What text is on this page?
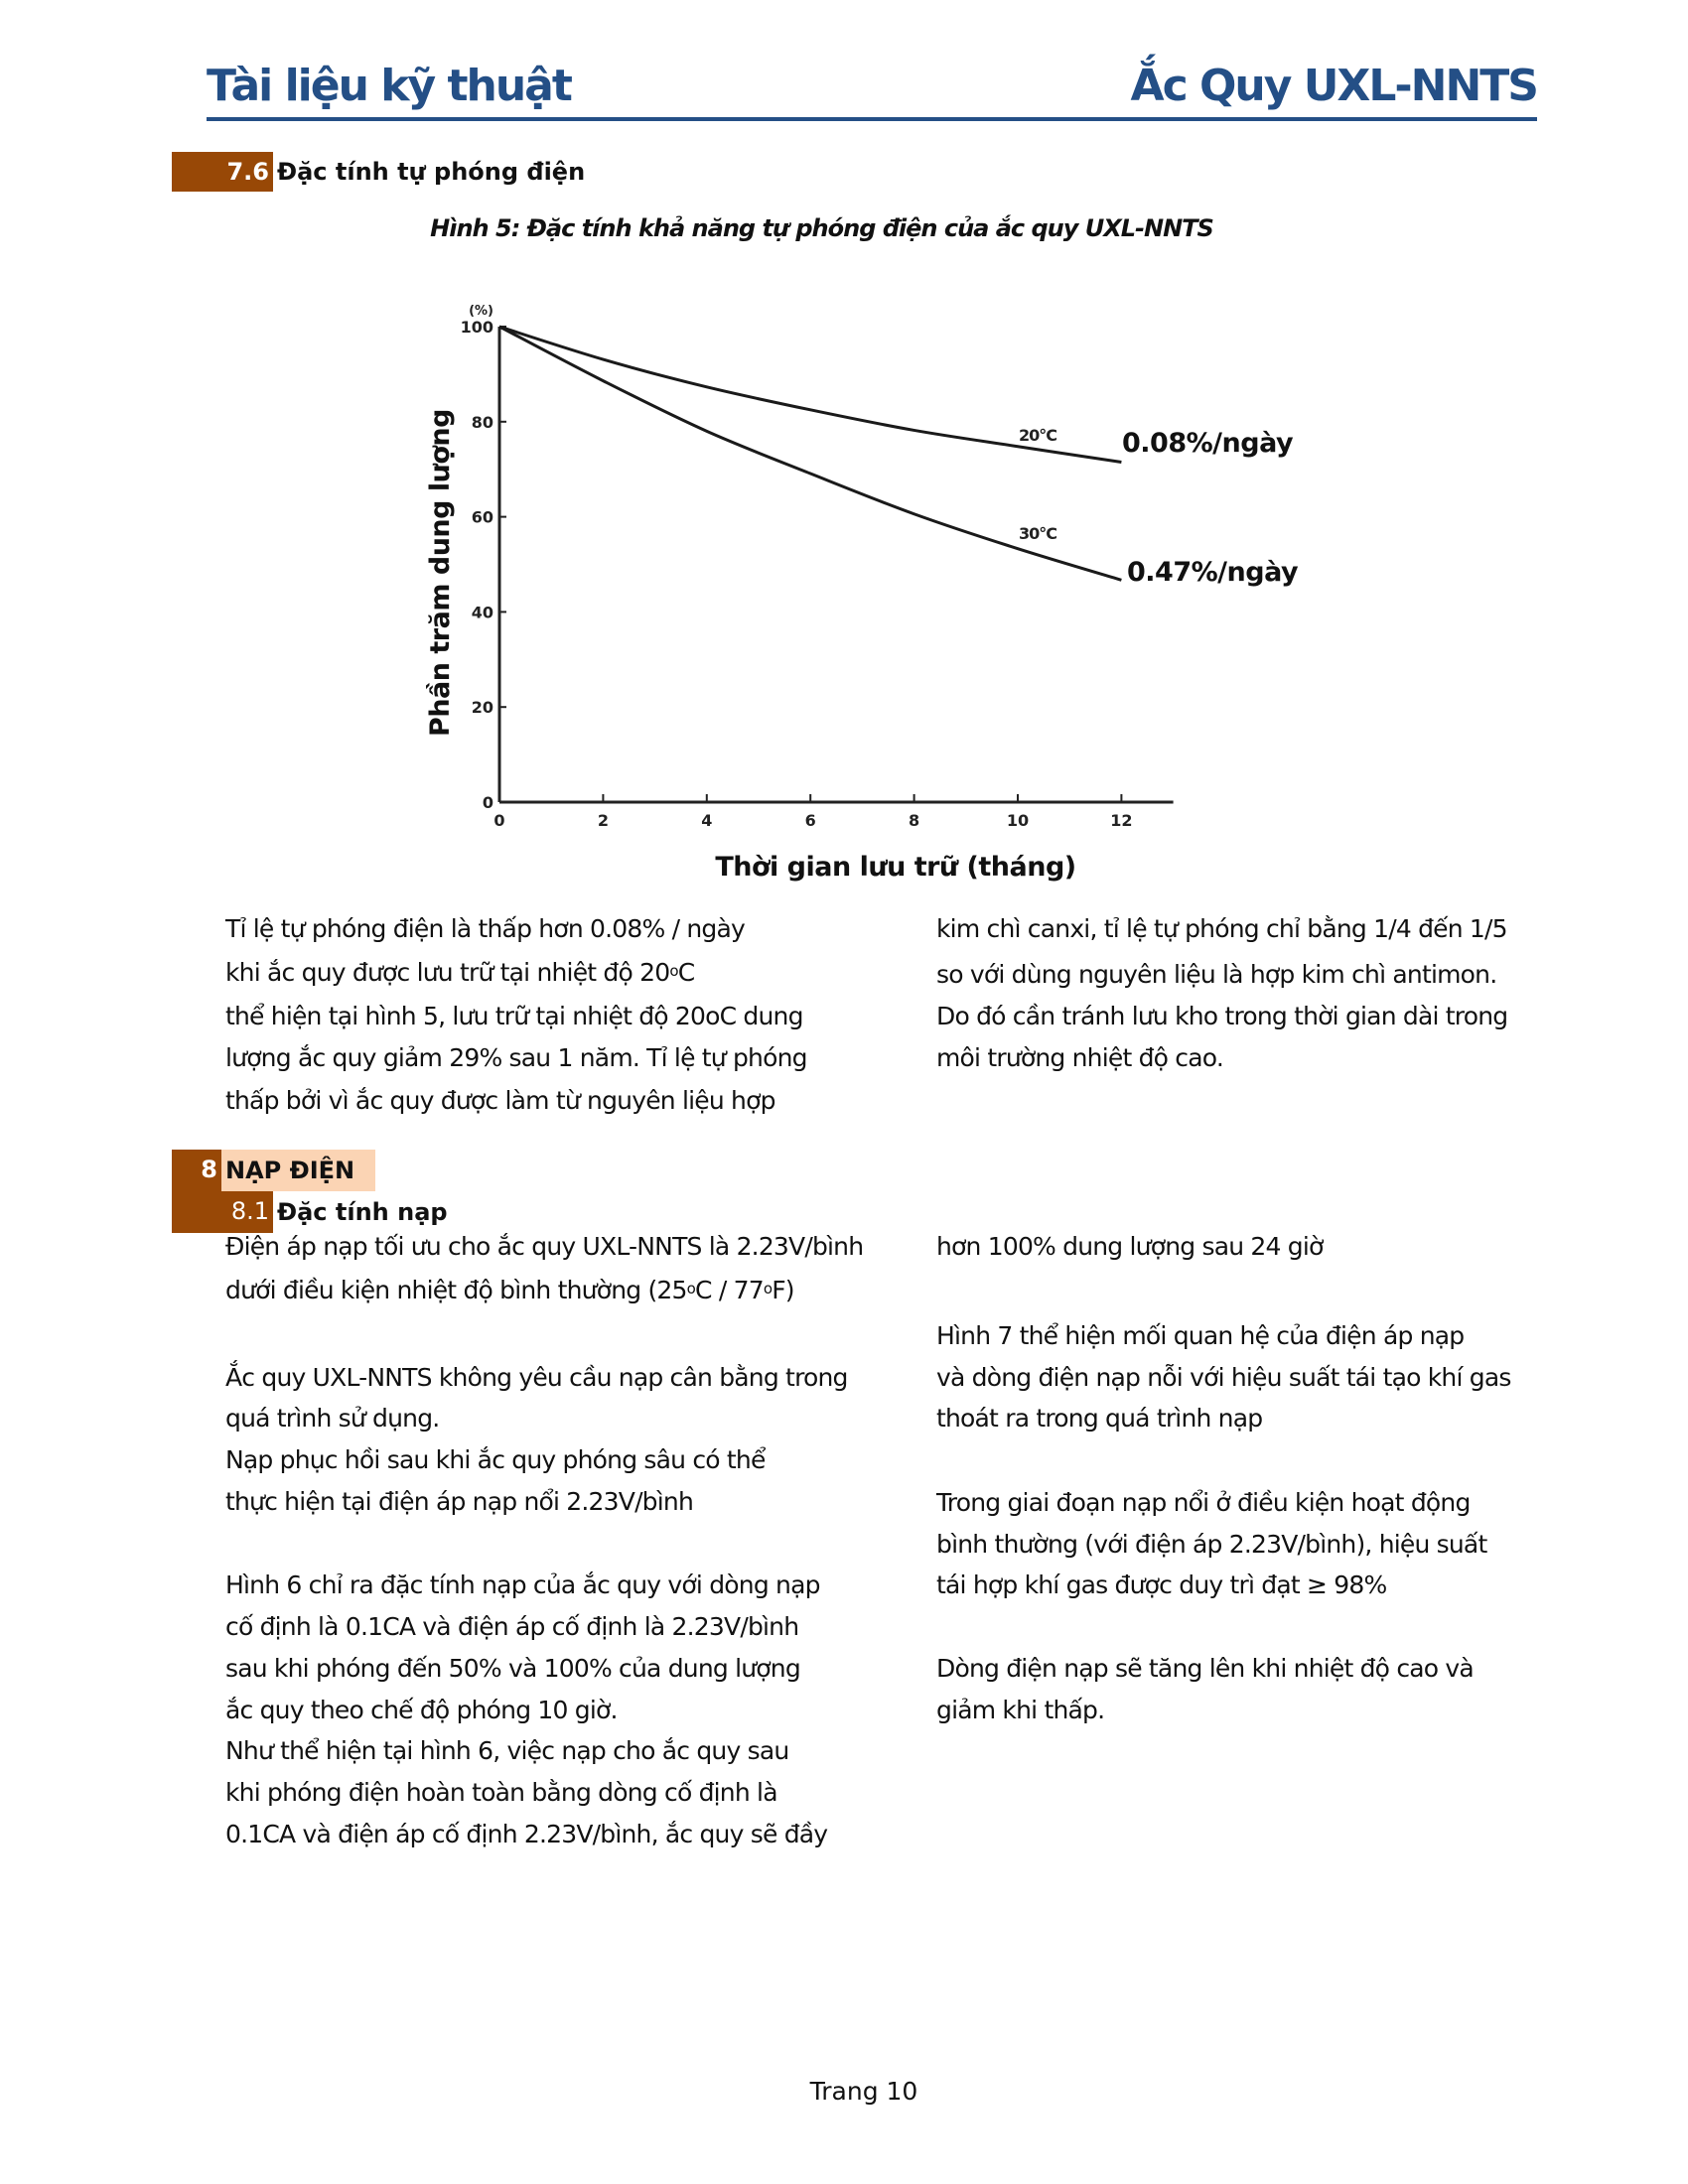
Tài liệu kỹ thuật	Ắc Quy UXL-NNTS
7.6 Đặc tính tự phóng điện
Hình 5: Đặc tính khả năng tự phóng điện của ắc quy UXL-NNTS
0
20
40
60
80
100
(%)
0	2	4	6	8	10	12
20°C 0.08%/ngày
30°C
0.47%/ngày
Thời gian lưu trữ (tháng)
Phần trăm dung lượng
8 NẠP ĐIỆN
8.1 Đặc tính nạp
Trang 10
Tỉ lệ tự phóng điện là thấp hơn 0.08% / ngày
khi ắc quy được lưu trữ tại nhiệt độ 20$^o$C
thể hiện tại hình 5, lưu trữ tại nhiệt độ 20oC dung
lượng ắc quy giảm 29% sau 1 năm. Tỉ lệ tự phóng
thấp bởi vì ắc quy được làm từ nguyên liệu hợp
kim chì canxi, tỉ lệ tự phóng chỉ bằng 1/4 đến 1/5
so với dùng nguyên liệu là hợp kim chì antimon.
Do đó cần tránh lưu kho trong thời gian dài trong
môi trường nhiệt độ cao.
Điện áp nạp tối ưu cho ắc quy UXL-NNTS là 2.23V/bình
dưới điều kiện nhiệt độ bình thường (25$^o$C / 77$^o$F)
Ắc quy UXL-NNTS không yêu cầu nạp cân bằng trong
quá trình sử dụng.
Nạp phục hồi sau khi ắc quy phóng sâu có thể
thực hiện tại điện áp nạp nổi 2.23V/bình
Hình 6 chỉ ra đặc tính nạp của ắc quy với dòng nạp
cố định là 0.1CA và điện áp cố định là 2.23V/bình
sau khi phóng đến 50% và 100% của dung lượng
ắc quy theo chế độ phóng 10 giờ.
Như thể hiện tại hình 6, việc nạp cho ắc quy sau
khi phóng điện hoàn toàn bằng dòng cố định là
0.1CA và điện áp cố định 2.23V/bình, ắc quy sẽ đầy
hơn 100% dung lượng sau 24 giờ
Hình 7 thể hiện mối quan hệ của điện áp nạp
và dòng điện nạp nỗi với hiệu suất tái tạo khí gas
thoát ra trong quá trình nạp
Trong giai đoạn nạp nổi ở điều kiện hoạt động
bình thường (với điện áp 2.23V/bình), hiệu suất
tái hợp khí gas được duy trì đạt ≥ 98%
Dòng điện nạp sẽ tăng lên khi nhiệt độ cao và
giảm khi thấp.
